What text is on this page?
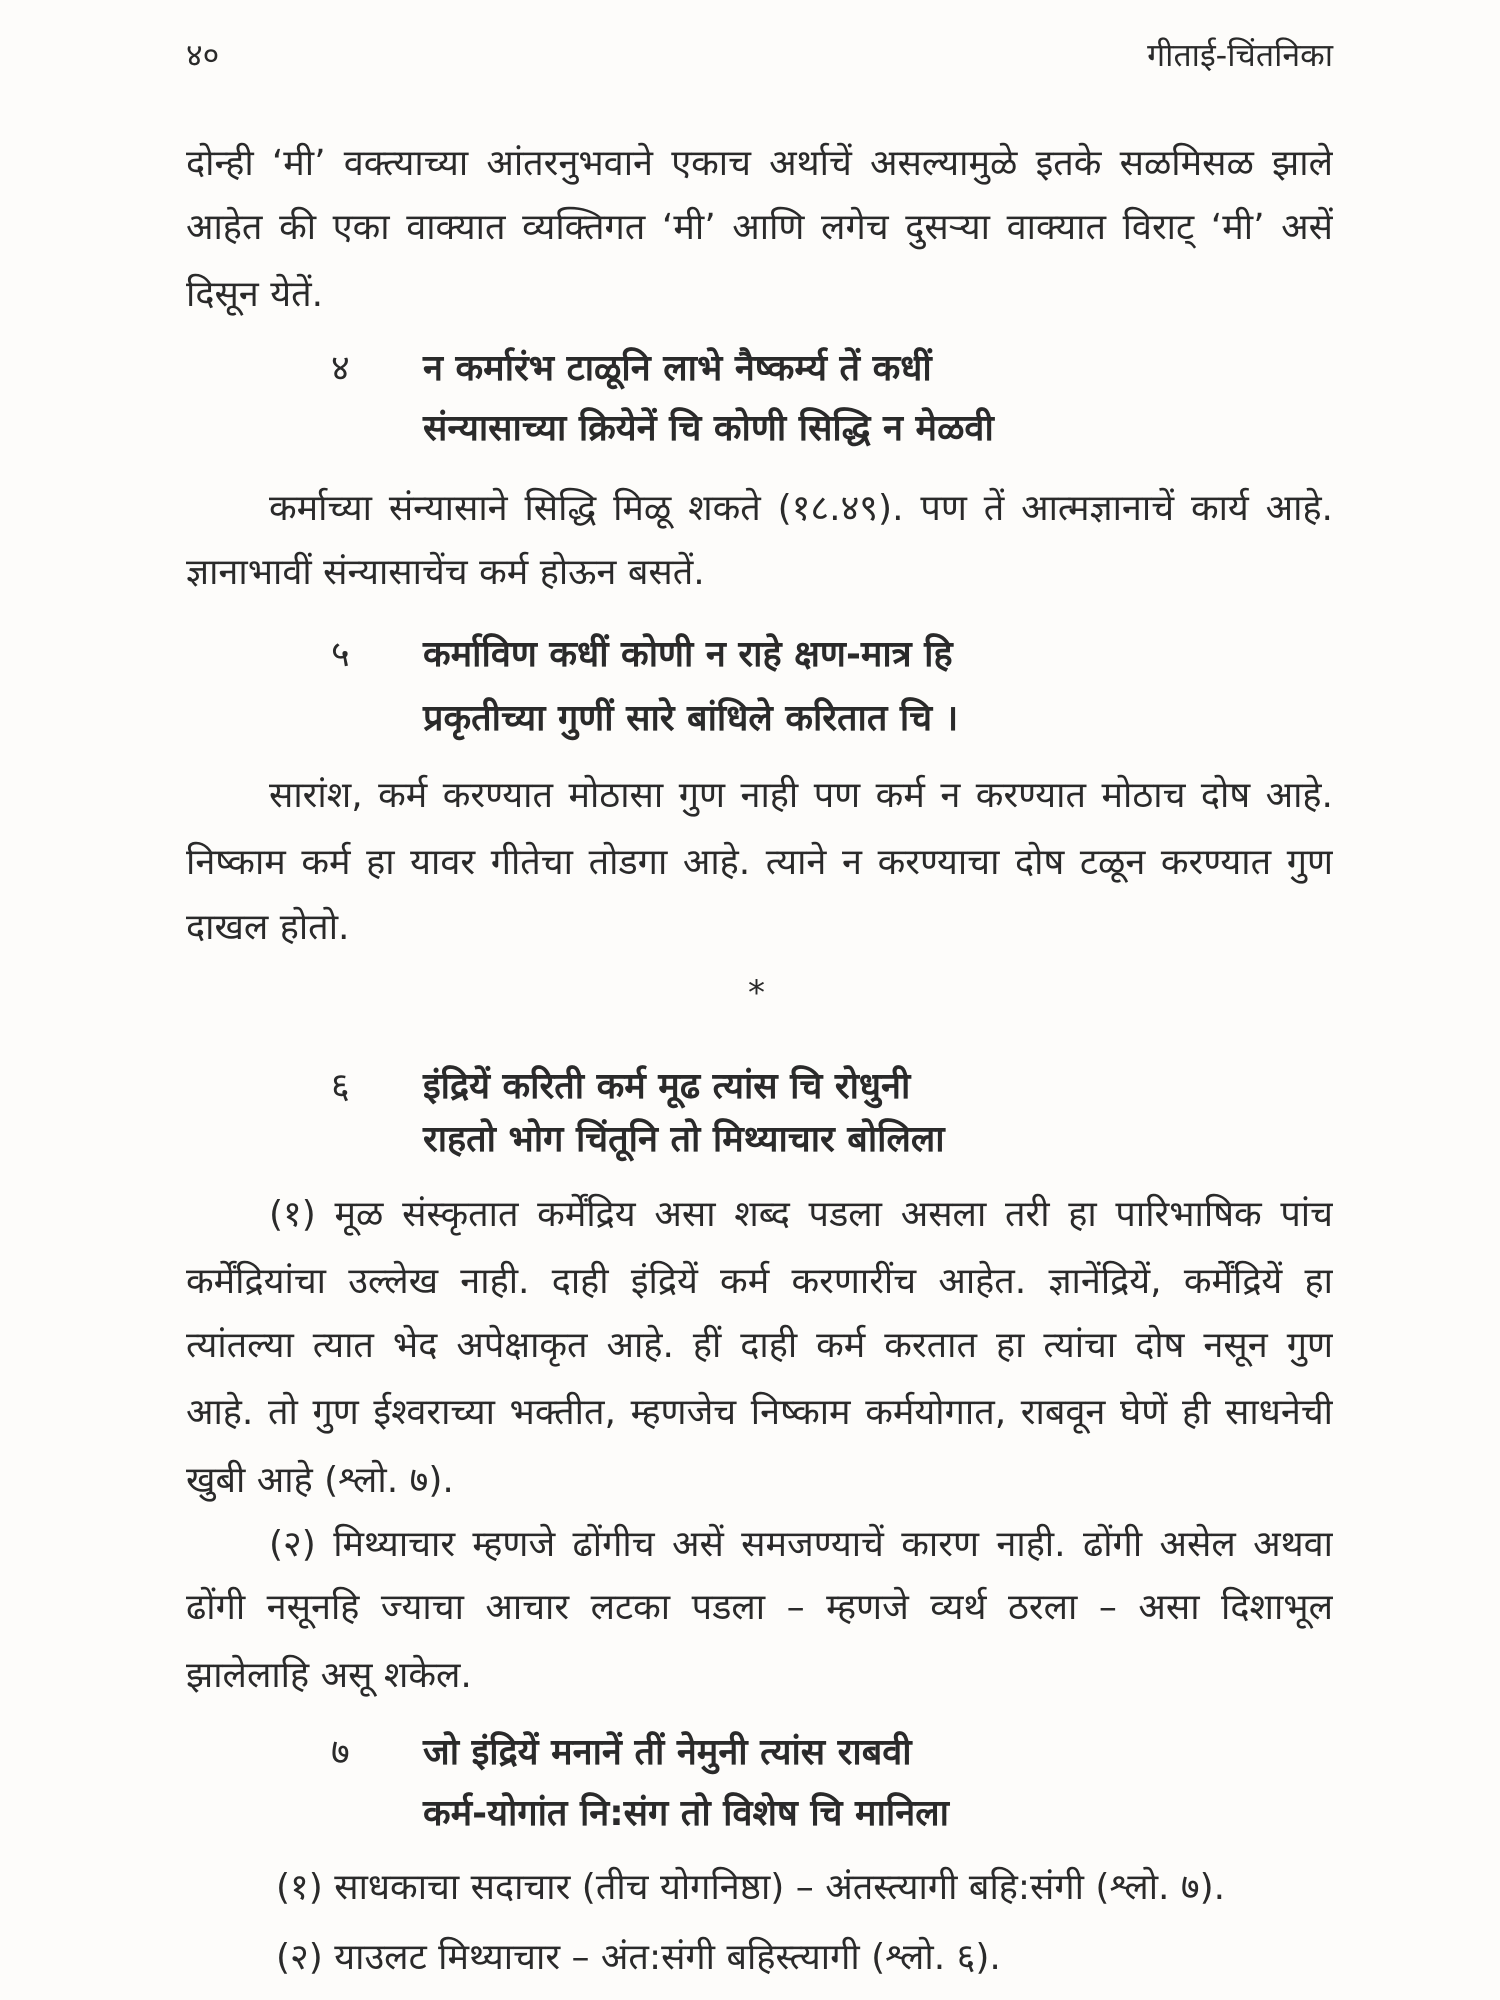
४०	गीताई-चिंतनिका
दोन्ही ‘मी’ वक्त्याच्या आंतरनुभवाने एकाच अर्थाचें असल्यामुळे इतके सळमिसळ झाले
आहेत की एका वाक्यात व्यक्तिगत ‘मी’ आणि लगेच दुसऱ्या वाक्यात विराट् ‘मी’ असें
दिसून येतें.
४ न कर्मारंभ टाळूनि लाभे नैष्कर्म्य तें कधीं
संन्यासाच्या क्रियेनें चि कोणी सिद्धि न मेळवी
कर्माच्या संन्यासाने सिद्धि मिळू शकते (१८.४९). पण तें आत्मज्ञानाचें कार्य आहे.
ज्ञानाभावीं संन्यासाचेंच कर्म होऊन बसतें.
५ कर्माविण कधीं कोणी न राहे क्षण-मात्र हि
प्रकृतीच्या गुणीं सारे बांधिले करितात चि ।
सारांश, कर्म करण्यात मोठासा गुण नाही पण कर्म न करण्यात मोठाच दोष आहे.
निष्काम कर्म हा यावर गीतेचा तोडगा आहे. त्याने न करण्याचा दोष टळून करण्यात गुण
दाखल होतो.
*
६ इंद्रियें करिती कर्म मूढ त्यांस चि रोधुनी
राहतो भोग चिंतूनि तो मिथ्याचार बोलिला
(१) मूळ संस्कृतात कर्मेंद्रिय असा शब्द पडला असला तरी हा पारिभाषिक पांच
कर्मेंद्रियांचा उल्लेख नाही. दाही इंद्रियें कर्म करणारींच आहेत. ज्ञानेंद्रियें, कर्मेंद्रियें हा
त्यांतल्या त्यात भेद अपेक्षाकृत आहे. हीं दाही कर्म करतात हा त्यांचा दोष नसून गुण
आहे. तो गुण ईश्वराच्या भक्तीत, म्हणजेच निष्काम कर्मयोगात, राबवून घेणें ही साधनेची
खुबी आहे (श्लो. ७).
(२) मिथ्याचार म्हणजे ढोंगीच असें समजण्याचें कारण नाही. ढोंगी असेल अथवा
ढोंगी नसूनहि ज्याचा आचार लटका पडला – म्हणजे व्यर्थ ठरला – असा दिशाभूल
झालेलाहि असू शकेल.
७ जो इंद्रियें मनानें तीं नेमुनी त्यांस राबवी
कर्म-योगांत नि:संग तो विशेष चि मानिला
(१) साधकाचा सदाचार (तीच योगनिष्ठा) – अंतस्त्यागी बहि:संगी (श्लो. ७).
(२) याउलट मिथ्याचार – अंत:संगी बहिस्त्यागी (श्लो. ६).
